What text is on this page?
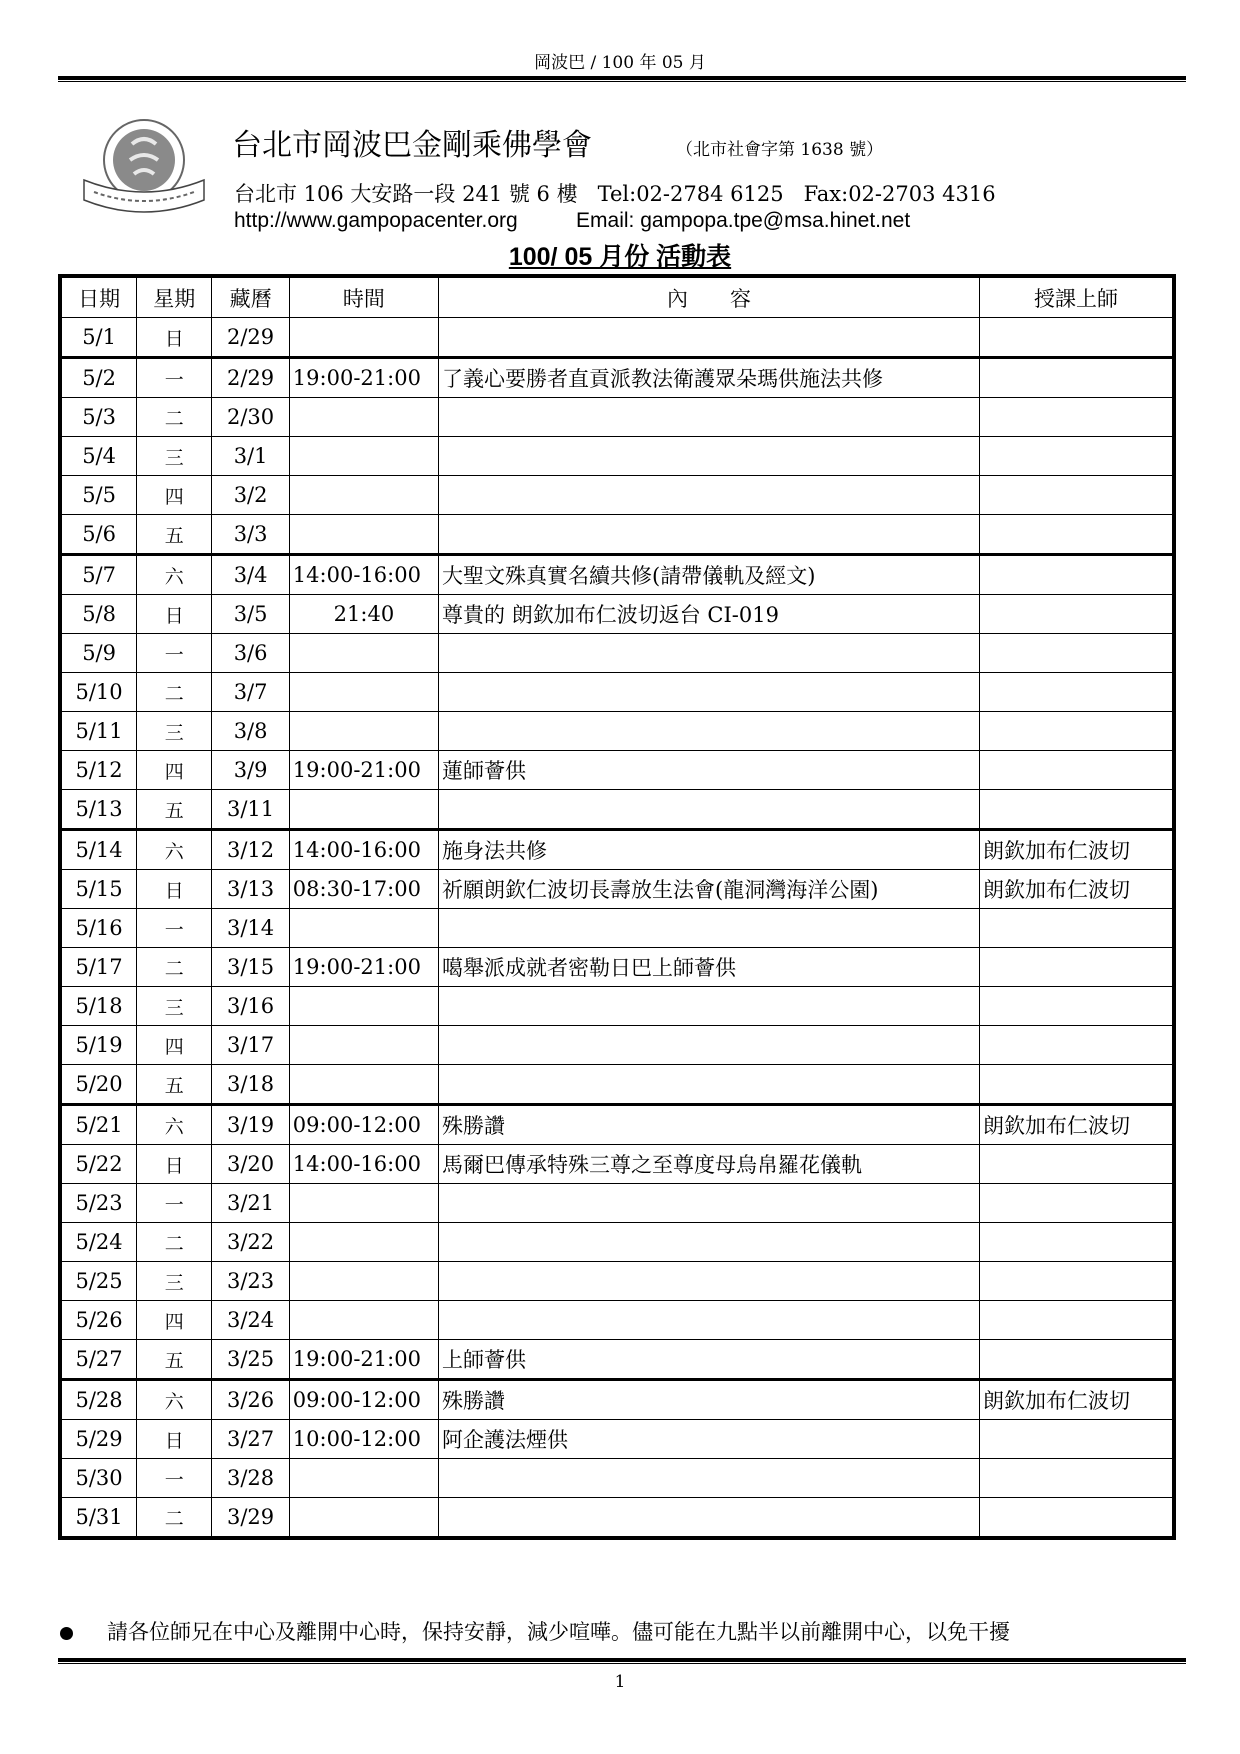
岡波巴 / 100 年 05 月
台北市岡波巴金剛乘佛學會	（北市社會字第 1638 號）
台北市 106 大安路一段 241 號 6 樓   Tel:02-2784 6125   Fax:02-2703 4316
http://www.gampopacenter.org	Email: gampopa.tpe@msa.hinet.net
100/ 05 月份 活動表
日期	星期	藏曆	時間	內　　容	授課上師
5/1	日	2/29			
5/2	一	2/29	19:00-21:00	了義心要勝者直貢派教法衛護眾朵瑪供施法共修	
5/3	二	2/30			
5/4	三	3/1			
5/5	四	3/2			
5/6	五	3/3			
5/7	六	3/4	14:00-16:00	大聖文殊真實名續共修(請帶儀軌及經文)	
5/8	日	3/5	21:40	尊貴的 朗欽加布仁波切返台 CI-019	
5/9	一	3/6			
5/10	二	3/7			
5/11	三	3/8			
5/12	四	3/9	19:00-21:00	蓮師薈供	
5/13	五	3/11			
5/14	六	3/12	14:00-16:00	施身法共修	朗欽加布仁波切
5/15	日	3/13	08:30-17:00	祈願朗欽仁波切長壽放生法會(龍洞灣海洋公園)	朗欽加布仁波切
5/16	一	3/14			
5/17	二	3/15	19:00-21:00	噶舉派成就者密勒日巴上師薈供	
5/18	三	3/16			
5/19	四	3/17			
5/20	五	3/18			
5/21	六	3/19	09:00-12:00	殊勝讚	朗欽加布仁波切
5/22	日	3/20	14:00-16:00	馬爾巴傳承特殊三尊之至尊度母烏帛羅花儀軌	
5/23	一	3/21			
5/24	二	3/22			
5/25	三	3/23			
5/26	四	3/24			
5/27	五	3/25	19:00-21:00	上師薈供	
5/28	六	3/26	09:00-12:00	殊勝讚	朗欽加布仁波切
5/29	日	3/27	10:00-12:00	阿企護法煙供	
5/30	一	3/28			
5/31	二	3/29			
請各位師兄在中心及離開中心時，保持安靜，減少喧嘩。儘可能在九點半以前離開中心，以免干擾
1
